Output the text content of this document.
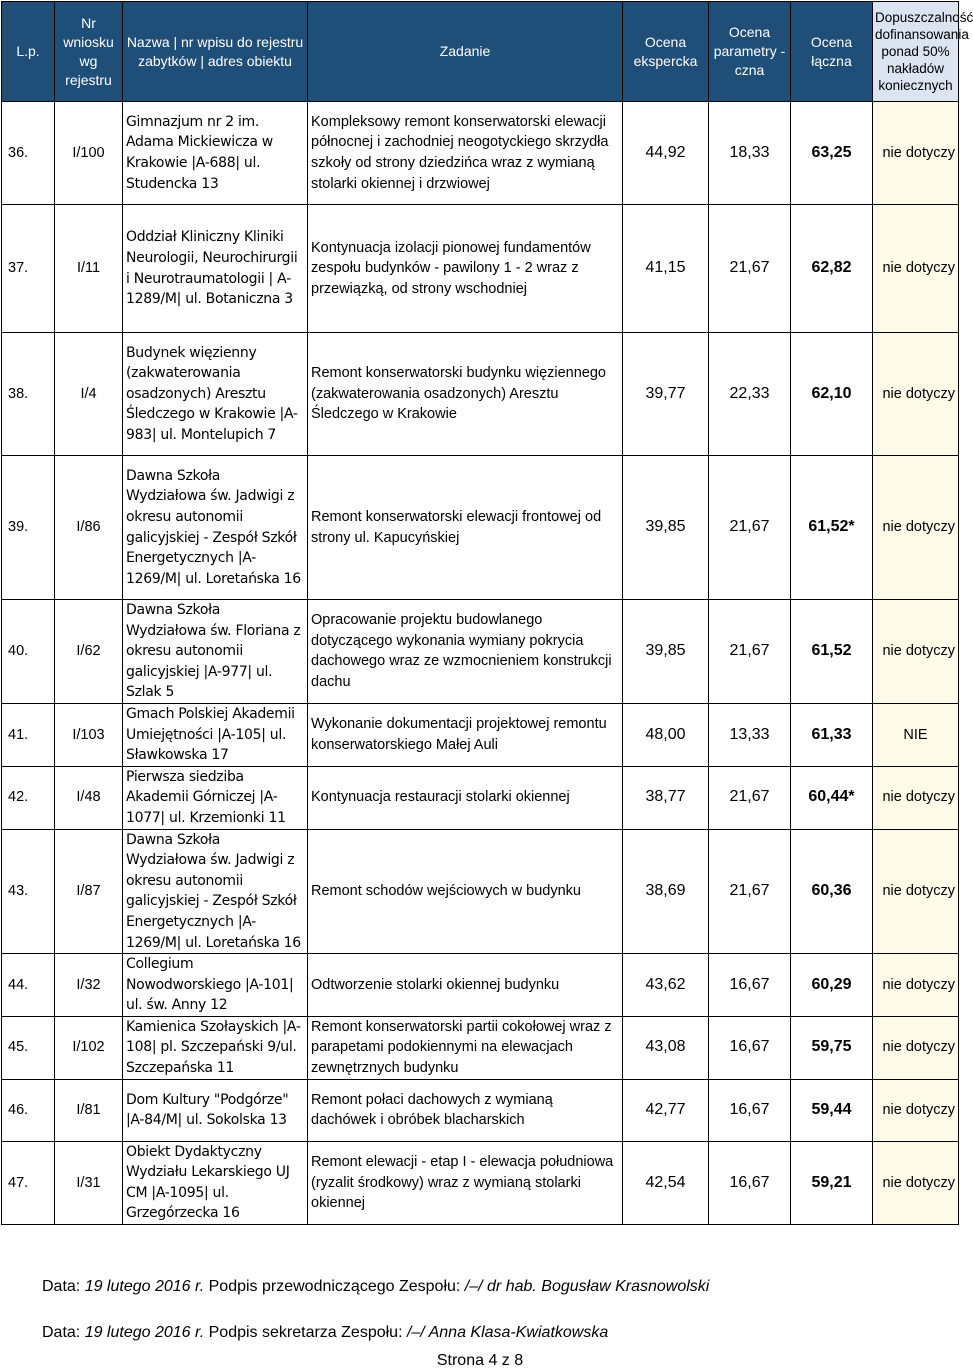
L.p.	Nr wniosku wg rejestru	Nazwa | nr wpisu do rejestru zabytków | adres obiektu	Zadanie	Ocena ekspercka	Ocena parametry -czna	Ocena łączna	Dopuszczalność dofinansowania ponad 50% nakładów koniecznych
36.	I/100	Gimnazjum nr 2 im. Adama Mickiewicza w Krakowie |A-688| ul. Studencka 13	Kompleksowy remont konserwatorski elewacji północnej i zachodniej neogotyckiego skrzydła szkoły od strony dziedzińca wraz z wymianą stolarki okiennej i drzwiowej	44,92	18,33	63,25	nie dotyczy
37.	I/11	Oddział Kliniczny Kliniki Neurologii, Neurochirurgii i Neurotraumatologii | A-1289/M| ul. Botaniczna 3	Kontynuacja izolacji pionowej fundamentów zespołu budynków - pawilony 1 - 2 wraz z przewiązką, od strony wschodniej	41,15	21,67	62,82	nie dotyczy
38.	I/4	Budynek więzienny (zakwaterowania osadzonych) Aresztu Śledczego w Krakowie |A-983| ul. Montelupich 7	Remont konserwatorski budynku więziennego (zakwaterowania osadzonych) Aresztu Śledczego w Krakowie	39,77	22,33	62,10	nie dotyczy
39.	I/86	Dawna Szkoła Wydziałowa św. Jadwigi z okresu autonomii galicyjskiej - Zespół Szkół Energetycznych |A-1269/M| ul. Loretańska 16	Remont konserwatorski elewacji frontowej od strony ul. Kapucyńskiej	39,85	21,67	61,52*	nie dotyczy
40.	I/62	Dawna Szkoła Wydziałowa św. Floriana z okresu autonomii galicyjskiej |A-977| ul. Szlak 5	Opracowanie projektu budowlanego dotyczącego wykonania wymiany pokrycia dachowego wraz ze wzmocnieniem konstrukcji dachu	39,85	21,67	61,52	nie dotyczy
41.	I/103	Gmach Polskiej Akademii Umiejętności |A-105| ul. Sławkowska 17	Wykonanie dokumentacji projektowej remontu konserwatorskiego Małej Auli	48,00	13,33	61,33	NIE
42.	I/48	Pierwsza siedziba Akademii Górniczej |A-1077| ul. Krzemionki 11	Kontynuacja restauracji stolarki okiennej	38,77	21,67	60,44*	nie dotyczy
43.	I/87	Dawna Szkoła Wydziałowa św. Jadwigi z okresu autonomii galicyjskiej - Zespół Szkół Energetycznych |A-1269/M| ul. Loretańska 16	Remont schodów wejściowych w budynku	38,69	21,67	60,36	nie dotyczy
44.	I/32	Collegium Nowodworskiego |A-101| ul. św. Anny 12	Odtworzenie stolarki okiennej budynku	43,62	16,67	60,29	nie dotyczy
45.	I/102	Kamienica Szołayskich |A-108| pl. Szczepański 9/ul. Szczepańska 11	Remont konserwatorski partii cokołowej wraz z parapetami podokiennymi na elewacjach zewnętrznych budynku	43,08	16,67	59,75	nie dotyczy
46.	I/81	Dom Kultury "Podgórze" |A-84/M| ul. Sokolska 13	Remont połaci dachowych z wymianą dachówek i obróbek blacharskich	42,77	16,67	59,44	nie dotyczy
47.	I/31	Obiekt Dydaktyczny Wydziału Lekarskiego UJ CM |A-1095| ul. Grzegórzecka 16	Remont elewacji - etap I - elewacja południowa (ryzalit środkowy) wraz z wymianą stolarki okiennej	42,54	16,67	59,21	nie dotyczy
Data: 19 lutego 2016 r. Podpis przewodniczącego Zespołu: /–/ dr hab. Bogusław Krasnowolski
Data: 19 lutego 2016 r. Podpis sekretarza Zespołu: /–/ Anna Klasa-Kwiatkowska
Strona 4 z 8
